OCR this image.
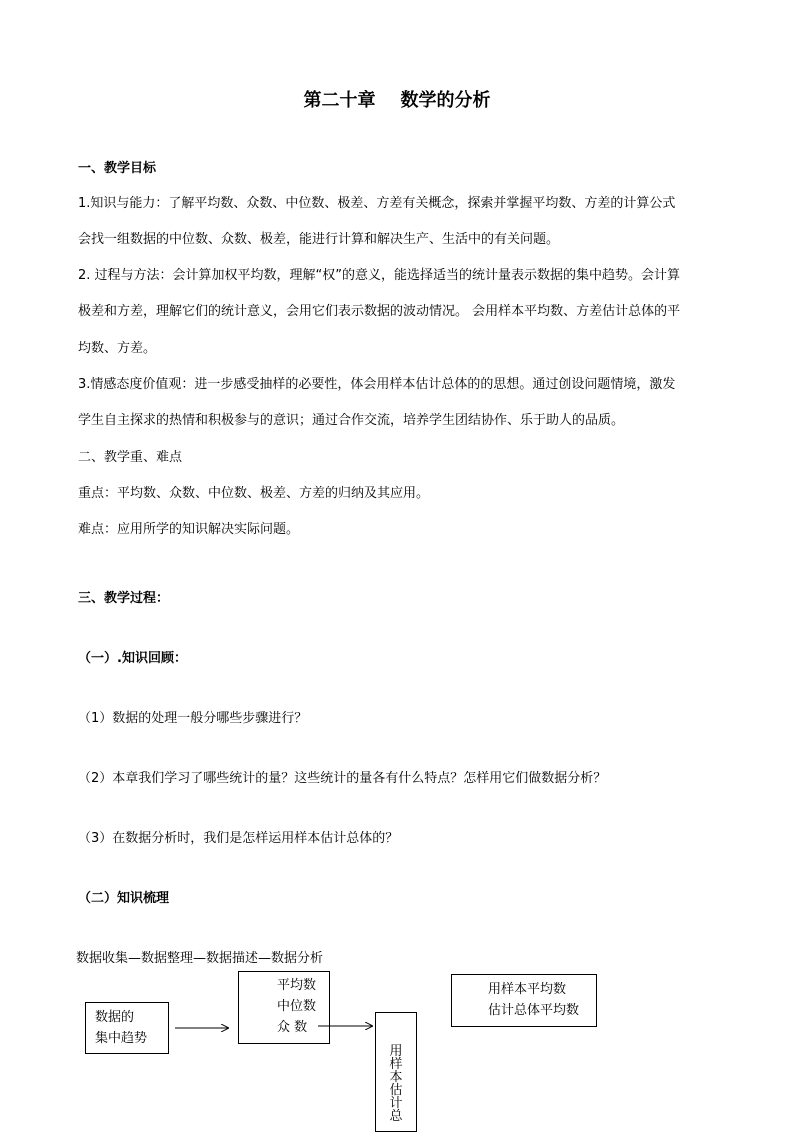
第二十章    数学的分析
一、教学目标
1.知识与能力：了解平均数、众数、中位数、极差、方差有关概念，探索并掌握平均数、方差的计算公式
会找一组数据的中位数、众数、极差，能进行计算和解决生产、生活中的有关问题。
2. 过程与方法：会计算加权平均数，理解“权”的意义，能选择适当的统计量表示数据的集中趋势。会计算
极差和方差，理解它们的统计意义，会用它们表示数据的波动情况。 会用样本平均数、方差估计总体的平
均数、方差。
3.情感态度价值观：进一步感受抽样的必要性，体会用样本估计总体的的思想。通过创设问题情境，激发
学生自主探求的热情和积极参与的意识；通过合作交流，培养学生团结协作、乐于助人的品质。
二、教学重、难点
重点：平均数、众数、中位数、极差、方差的归纳及其应用。
难点：应用所学的知识解决实际问题。
三、教学过程：
（一）.知识回顾：
（1）数据的处理一般分哪些步骤进行？
（2）本章我们学习了哪些统计的量？这些统计的量各有什么特点？怎样用它们做数据分析？
（3）在数据分析时，我们是怎样运用样本估计总体的？
（二）知识梳理
数据收集—数据整理—数据描述—数据分析
数据的
集中趋势
平均数
中位数
众 数
用样本估计总
用样本平均数
估计总体平均数
